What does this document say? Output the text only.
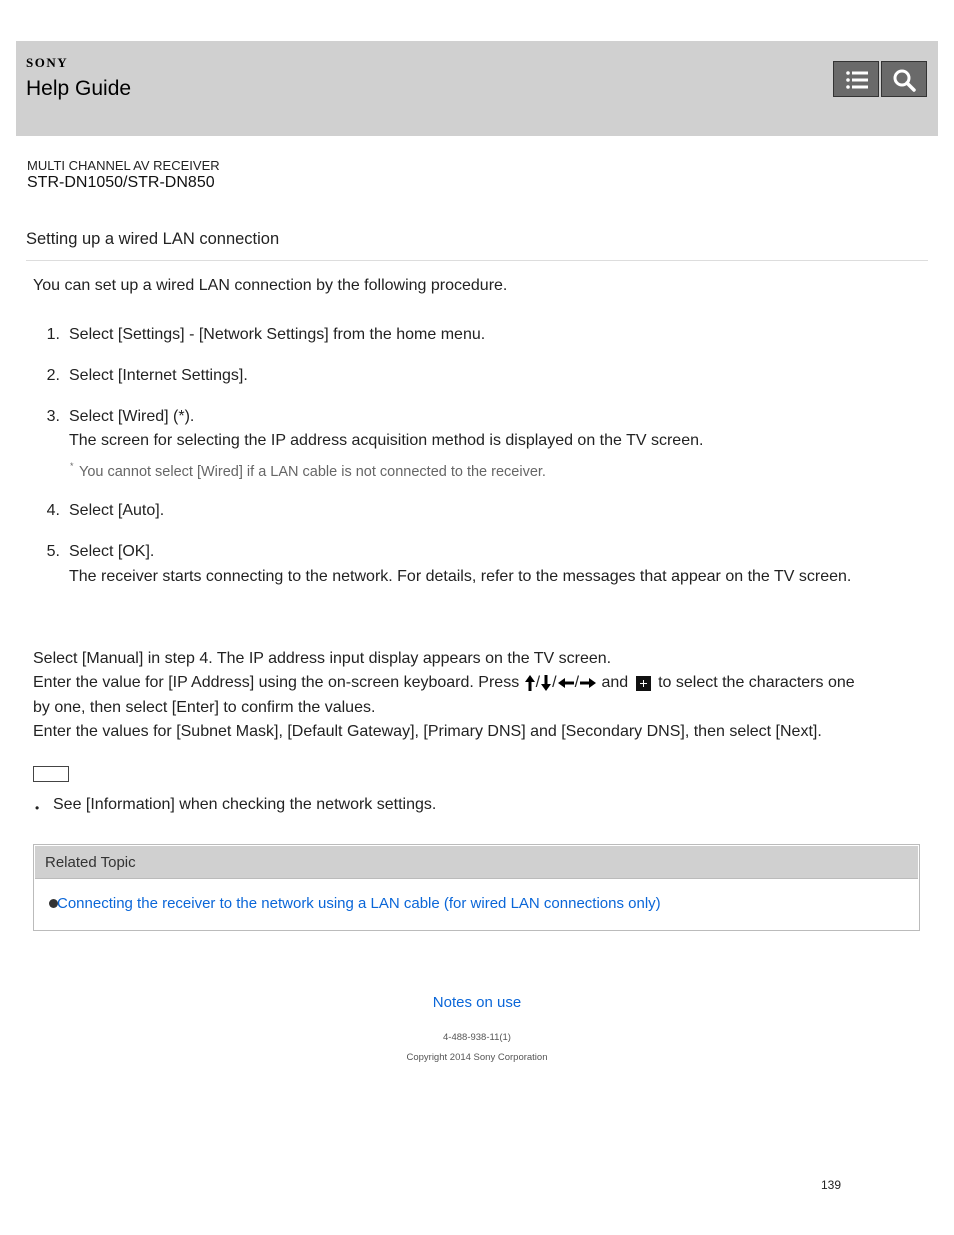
SONY
Help Guide
MULTI CHANNEL AV RECEIVER
STR-DN1050/STR-DN850
Setting up a wired LAN connection
You can set up a wired LAN connection by the following procedure.
1. Select [Settings] - [Network Settings] from the home menu.
2. Select [Internet Settings].
3. Select [Wired] (*).
The screen for selecting the IP address acquisition method is displayed on the TV screen.
* You cannot select [Wired] if a LAN cable is not connected to the receiver.
4. Select [Auto].
5. Select [OK].
The receiver starts connecting to the network. For details, refer to the messages that appear on the TV screen.
Select [Manual] in step 4. The IP address input display appears on the TV screen.
Enter the value for [IP Address] using the on-screen keyboard. Press / / / and to select the characters one
by one, then select [Enter] to confirm the values.
Enter the values for [Subnet Mask], [Default Gateway], [Primary DNS] and [Secondary DNS], then select [Next].
• See [Information] when checking the network settings.
Related Topic
Connecting the receiver to the network using a LAN cable (for wired LAN connections only)
Notes on use
4-488-938-11(1)
Copyright 2014 Sony Corporation
139
